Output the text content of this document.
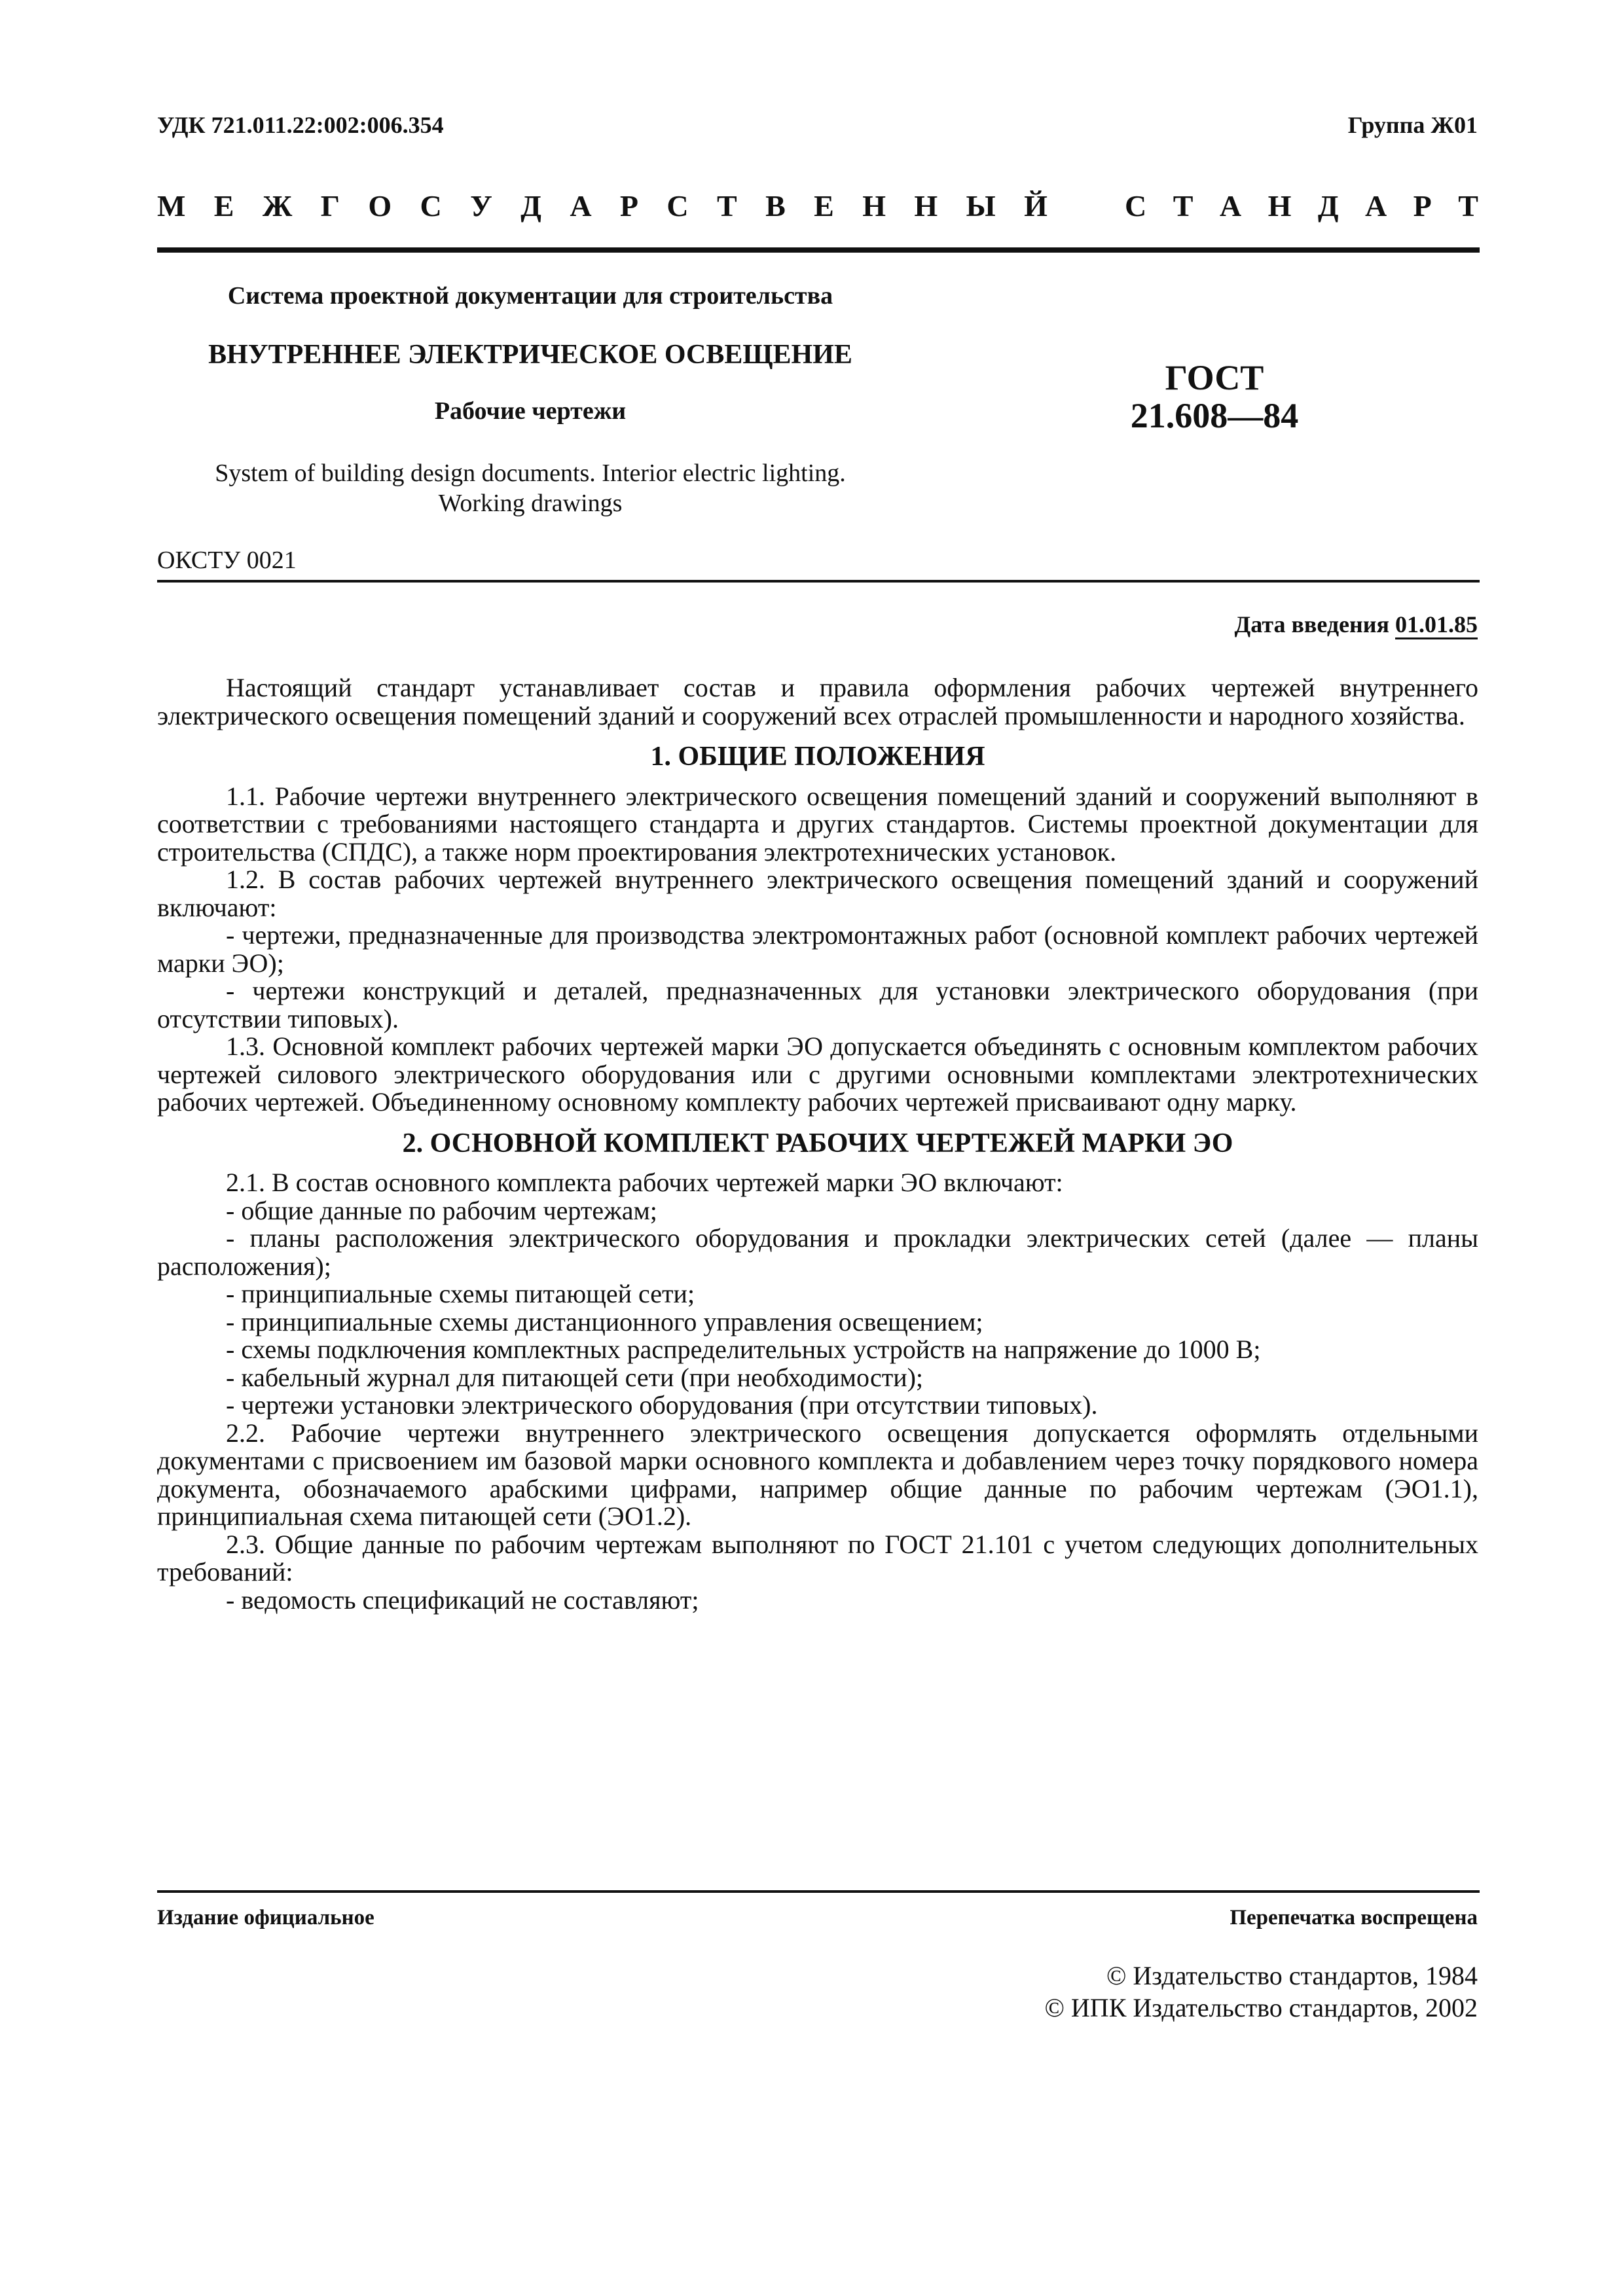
УДК 721.011.22:002:006.354	Группа Ж01
М Е Ж Г О С У Д А Р С Т В Е Н Н Ы Й	С Т А Н Д А Р Т
Система проектной документации для строительства
ВНУТРЕННЕЕ ЭЛЕКТРИЧЕСКОЕ ОСВЕЩЕНИЕ
Рабочие чертежи
System of building design documents. Interior electric lighting.
Working drawings
ГОСТ
21.608—84
ОКСТУ 0021
Дата введения 01.01.85

Настоящий стандарт устанавливает состав и правила оформления рабочих чертежей внутреннего электрического освещения помещений зданий и сооружений всех отраслей промышленности и народного хозяйства.

1. ОБЩИЕ ПОЛОЖЕНИЯ

1.1. Рабочие чертежи внутреннего электрического освещения помещений зданий и сооружений выполняют в соответствии с требованиями настоящего стандарта и других стандартов. Системы проектной документации для строительства (СПДС), а также норм проектирования электротехнических установок.

1.2. В состав рабочих чертежей внутреннего электрического освещения помещений зданий и сооружений включают:

- чертежи, предназначенные для производства электромонтажных работ (основной комплект рабочих чертежей марки ЭО);

- чертежи конструкций и деталей, предназначенных для установки электрического оборудования (при отсутствии типовых).

1.3. Основной комплект рабочих чертежей марки ЭО допускается объединять с основным комплектом рабочих чертежей силового электрического оборудования или с другими основными комплектами электротехнических рабочих чертежей. Объединенному основному комплекту рабочих чертежей присваивают одну марку.

2. ОСНОВНОЙ КОМПЛЕКТ РАБОЧИХ ЧЕРТЕЖЕЙ МАРКИ ЭО

2.1. В состав основного комплекта рабочих чертежей марки ЭО включают:

- общие данные по рабочим чертежам;

- планы расположения электрического оборудования и прокладки электрических сетей (далее — планы расположения);

- принципиальные схемы питающей сети;

- принципиальные схемы дистанционного управления освещением;

- схемы подключения комплектных распределительных устройств на напряжение до 1000 В;

- кабельный журнал для питающей сети (при необходимости);

- чертежи установки электрического оборудования (при отсутствии типовых).

2.2. Рабочие чертежи внутреннего электрического освещения допускается оформлять отдельными документами с присвоением им базовой марки основного комплекта и добавлением через точку порядкового номера документа, обозначаемого арабскими цифрами, например общие данные по рабочим чертежам (ЭО1.1), принципиальная схема питающей сети (ЭО1.2).

2.3. Общие данные по рабочим чертежам выполняют по ГОСТ 21.101 с учетом следующих дополнительных требований:

- ведомость спецификаций не составляют;

Издание официальное	Перепечатка воспрещена
© Издательство стандартов, 1984
© ИПК Издательство стандартов, 2002
